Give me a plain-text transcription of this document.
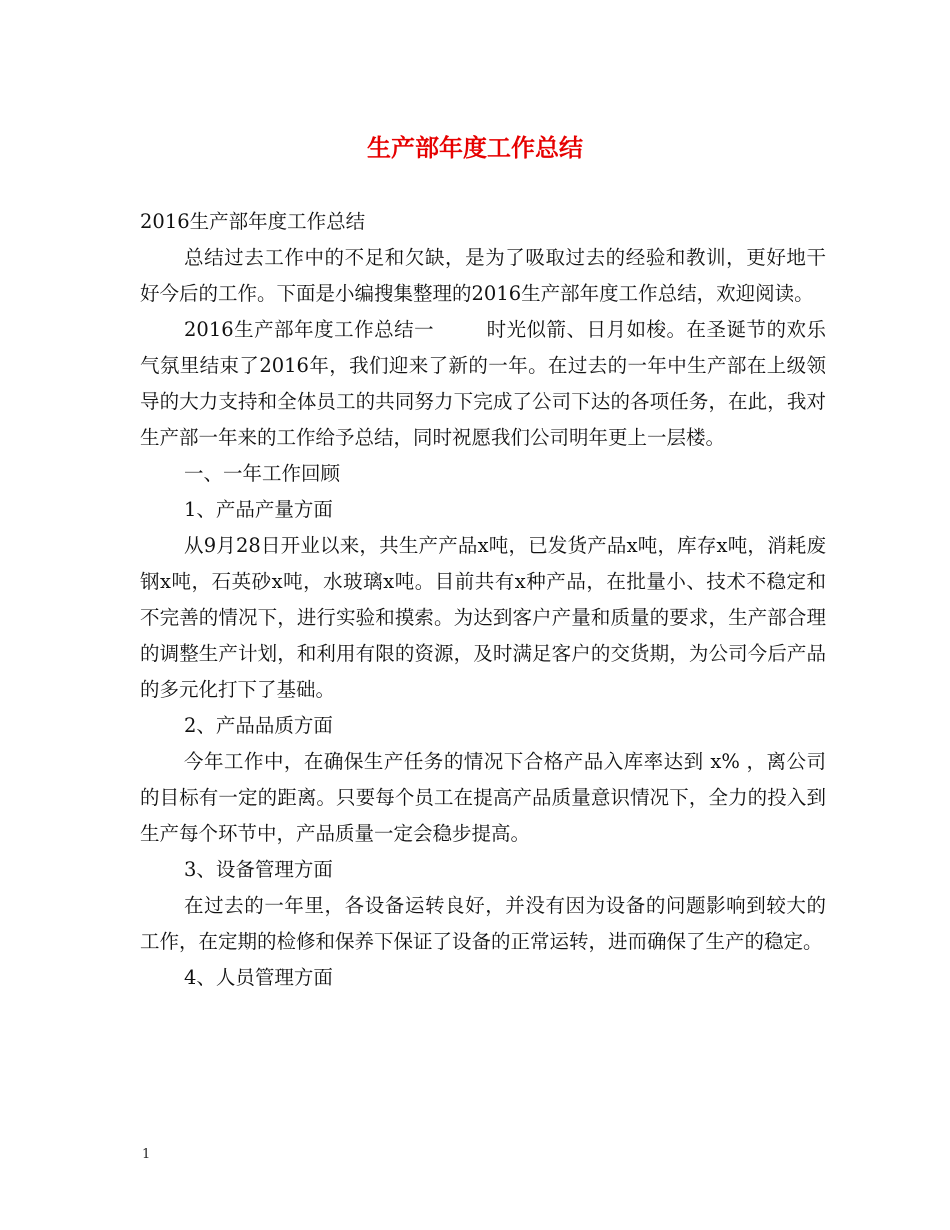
生产部年度工作总结

2016生产部年度工作总结

总结过去工作中的不足和欠缺，是为了吸取过去的经验和教训，更好地干好今后的工作。下面是小编搜集整理的2016生产部年度工作总结，欢迎阅读。

2016生产部年度工作总结一	时光似箭、日月如梭。在圣诞节的欢乐气氛里结束了2016年，我们迎来了新的一年。在过去的一年中生产部在上级领导的大力支持和全体员工的共同努力下完成了公司下达的各项任务，在此，我对生产部一年来的工作给予总结，同时祝愿我们公司明年更上一层楼。

一、一年工作回顾

1、产品产量方面

从9月28日开业以来，共生产产品x吨，已发货产品x吨，库存x吨，消耗废钢x吨，石英砂x吨，水玻璃x吨。目前共有x种产品，在批量小、技术不稳定和不完善的情况下，进行实验和摸索。为达到客户产量和质量的要求，生产部合理的调整生产计划，和利用有限的资源，及时满足客户的交货期，为公司今后产品的多元化打下了基础。

2、产品品质方面

今年工作中，在确保生产任务的情况下合格产品入库率达到 x% ，离公司的目标有一定的距离。只要每个员工在提高产品质量意识情况下，全力的投入到生产每个环节中，产品质量一定会稳步提高。

3、设备管理方面

在过去的一年里，各设备运转良好，并没有因为设备的问题影响到较大的工作，在定期的检修和保养下保证了设备的正常运转，进而确保了生产的稳定。

4、人员管理方面

1
